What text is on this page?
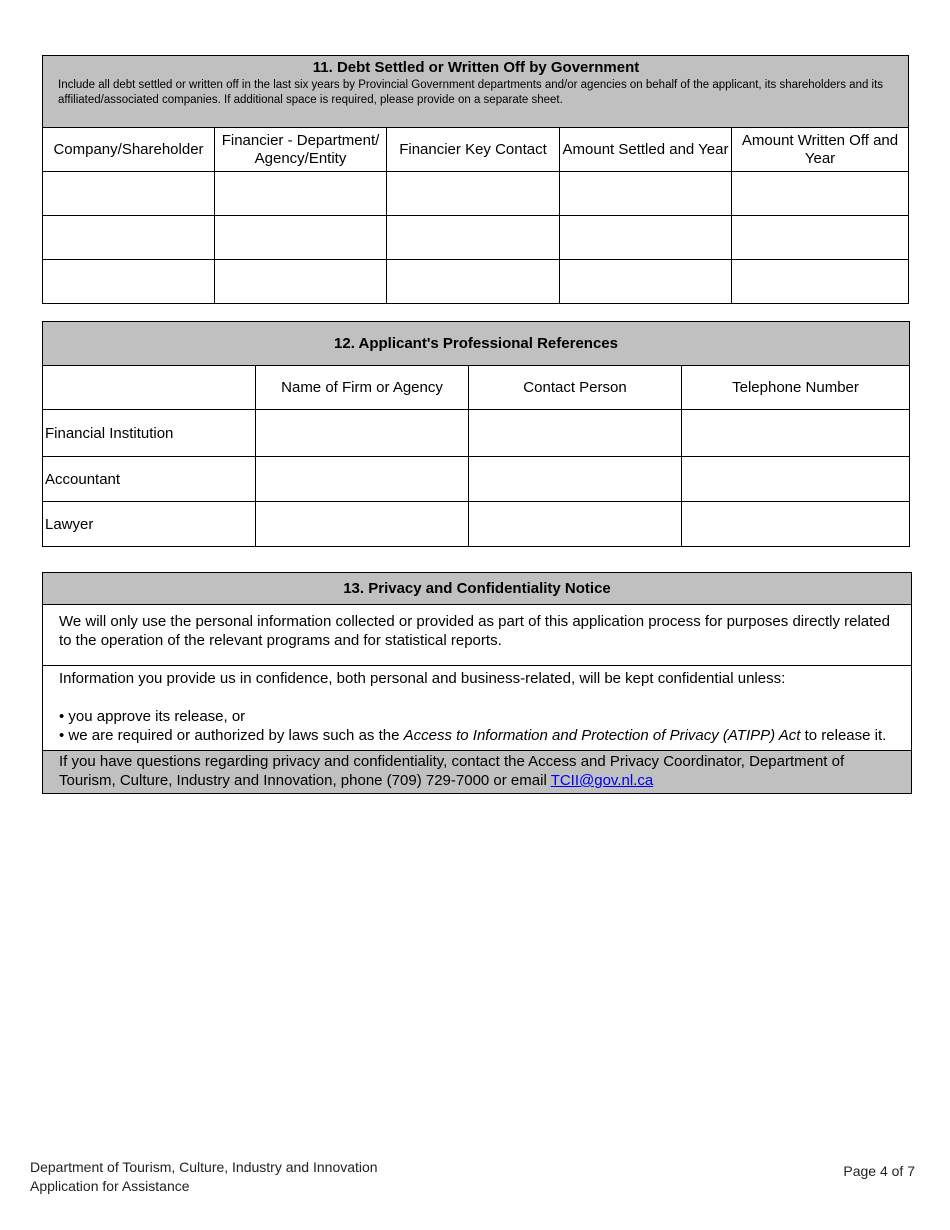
11. Debt Settled or Written Off by Government
Include all debt settled or written off in the last six years by Provincial Government departments and/or agencies on behalf of the applicant, its shareholders and its affiliated/associated companies. If additional space is required, please provide on a separate sheet.				

Company/Shareholder	Financier - Department/ Agency/Entity	Financier Key Contact	Amount Settled and Year	Amount Written Off and Year

12. Applicant's Professional References			
	Name of Firm or Agency	Contact Person	Telephone Number
Financial Institution			
Accountant			
Lawyer			
13. Privacy and Confidentiality Notice
We will only use the personal information collected or provided as part of this application process for purposes directly related to the operation of the relevant programs and for statistical reports.

Information you provide us in confidence, both personal and business-related, will be kept confidential unless:
• you approve its release, or
• we are required or authorized by laws such as the Access to Information and Protection of Privacy (ATIPP) Act to release it.

If you have questions regarding privacy and confidentiality, contact the Access and Privacy Coordinator, Department of Tourism, Culture, Industry and Innovation, phone (709) 729-7000 or email TCII@gov.nl.ca
Department of Tourism, Culture, Industry and Innovation
Application for Assistance
Page 4 of 7
